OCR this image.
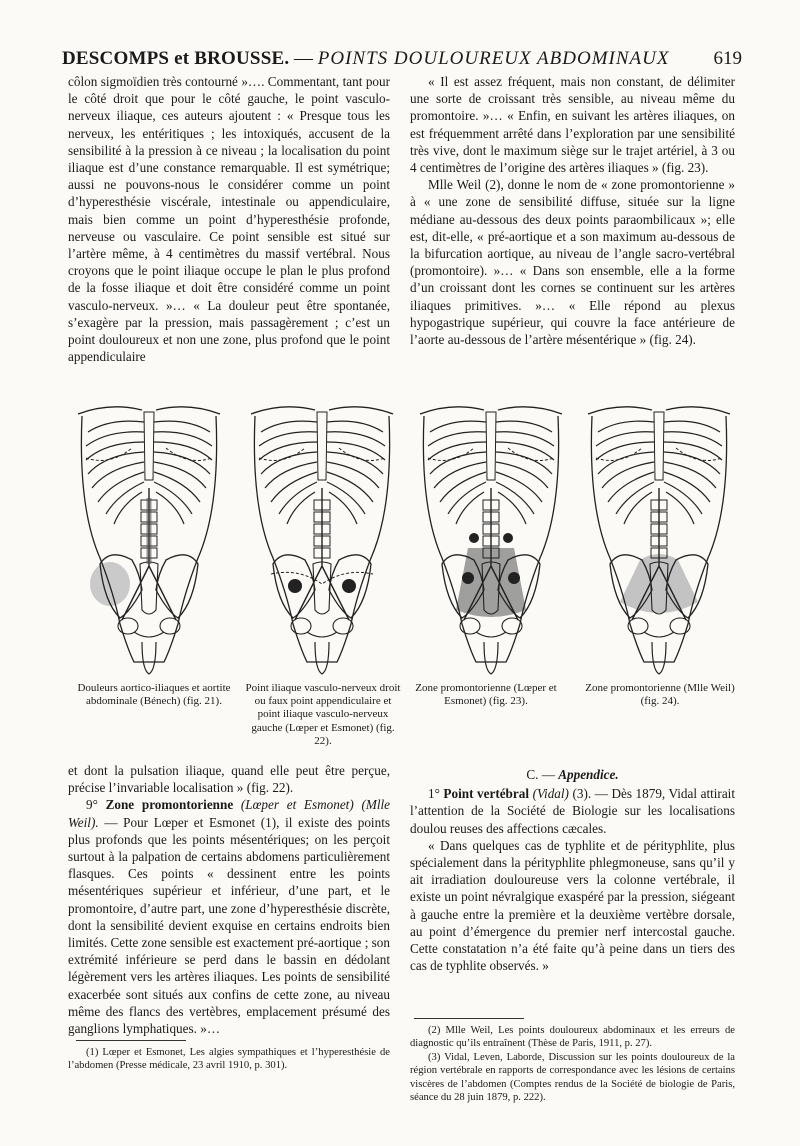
DESCOMPS et BROUSSE. — POINTS DOULOUREUX ABDOMINAUX 619

côlon sigmoïdien très contourné »…. Commentant, tant pour le côté droit que pour le côté gauche, le point vasculo-nerveux iliaque, ces auteurs ajoutent : « Presque tous les nerveux, les entéritiques ; les intoxiqués, accusent de la sensibilité à la pression à ce niveau ; la localisation du point iliaque est d’une constance remarquable. Il est symétrique; aussi ne pouvons-nous le considérer comme un point d’hyperesthésie viscérale, intestinale ou appendiculaire, mais bien comme un point d’hyperesthésie profonde, nerveuse ou vasculaire. Ce point sensible est situé sur l’artère même, à 4 centimètres du massif vertébral. Nous croyons que le point iliaque occupe le plan le plus profond de la fosse iliaque et doit être considéré comme un point vasculo-nerveux. »… « La douleur peut être spontanée, s’exagère par la pression, mais passagèrement ; c’est un point douloureux et non une zone, plus profond que le point appendiculaire

« Il est assez fréquent, mais non constant, de délimiter une sorte de croissant très sensible, au niveau même du promontoire. »… « Enfin, en suivant les artères iliaques, on est fréquemment arrêté dans l’exploration par une sensibilité très vive, dont le maximum siège sur le trajet artériel, à 3 ou 4 centimètres de l’origine des artères iliaques » (fig. 23).

Mlle Weil (2), donne le nom de « zone promontorienne » à « une zone de sensibilité diffuse, située sur la ligne médiane au-dessous des deux points paraombilicaux »; elle est, dit-elle, « pré-aortique et a son maximum au-dessous de la bifurcation aortique, au niveau de l’angle sacro-vertébral (promontoire). »… « Dans son ensemble, elle a la forme d’un croissant dont les cornes se continuent sur les artères iliaques primitives. »… « Elle répond au plexus hypogastrique supérieur, qui couvre la face antérieure de l’aorte au-dessous de l’artère mésentérique » (fig. 24).

Douleurs aortico-iliaques et aortite abdominale (Bénech) (fig. 21).
Point iliaque vasculo-nerveux droit ou faux point appendiculaire et point iliaque vasculo-nerveux gauche (Lœper et Esmonet) (fig. 22).
Zone promontorienne (Lœper et Esmonet) (fig. 23).
Zone promontorienne (Mlle Weil) (fig. 24).

et dont la pulsation iliaque, quand elle peut être perçue, précise l’invariable localisation » (fig. 22).

9° Zone promontorienne (Lœper et Esmonet) (Mlle Weil). — Pour Lœper et Esmonet (1), il existe des points plus profonds que les points mésentériques; on les perçoit surtout à la palpation de certains abdomens particulièrement flasques. Ces points « dessinent entre les points mésentériques supérieur et inférieur, d’une part, et le promontoire, d’autre part, une zone d’hyperesthésie discrète, dont la sensibilité devient exquise en certains endroits bien limités. Cette zone sensible est exactement pré-aortique ; son extrémité inférieure se perd dans le bassin en dédolant légèrement vers les artères iliaques. Les points de sensibilité exacerbée sont situés aux confins de cette zone, au niveau même des flancs des vertèbres, emplacement présumé des ganglions lymphatiques. »…

C. — Appendice.

1° Point vertébral (Vidal) (3). — Dès 1879, Vidal attirait l’attention de la Société de Biologie sur les localisations doulou reuses des affections cæcales.

« Dans quelques cas de typhlite et de pérityphlite, plus spécialement dans la pérityphlite phlegmoneuse, sans qu’il y ait irradiation douloureuse vers la colonne vertébrale, il existe un point névralgique exaspéré par la pression, siégeant à gauche entre la première et la deuxième vertèbre dorsale, au point d’émergence du premier nerf intercostal gauche. Cette constatation n’a été faite qu’à peine dans un tiers des cas de typhlite observés. »

(1) Lœper et Esmonet, Les algies sympathiques et l’hyperesthésie de l’abdomen (Presse médicale, 23 avril 1910, p. 301).

(2) Mlle Weil, Les points douloureux abdominaux et les erreurs de diagnostic qu’ils entraînent (Thèse de Paris, 1911, p. 27).

(3) Vidal, Leven, Laborde, Discussion sur les points douloureux de la région vertébrale en rapports de correspondance avec les lésions de certains viscères de l’abdomen (Comptes rendus de la Société de biologie de Paris, séance du 28 juin 1879, p. 222).
